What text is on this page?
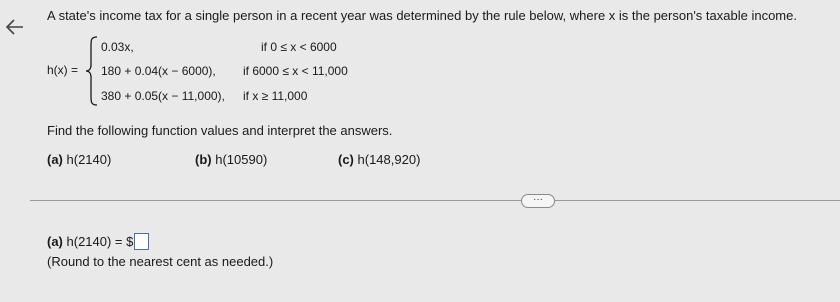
A state's income tax for a single person in a recent year was determined by the rule below, where x is the person's taxable income.
h(x) =
0.03x,	if 0 ≤ x < 6000
180 + 0.04(x − 6000), if 6000 ≤ x < 11,000
380 + 0.05(x − 11,000), if x ≥ 11,000
Find the following function values and interpret the answers.
(a) h(2140)	(b) h(10590)	(c) h(148,920)
···
(a) h(2140) = $
(Round to the nearest cent as needed.)
